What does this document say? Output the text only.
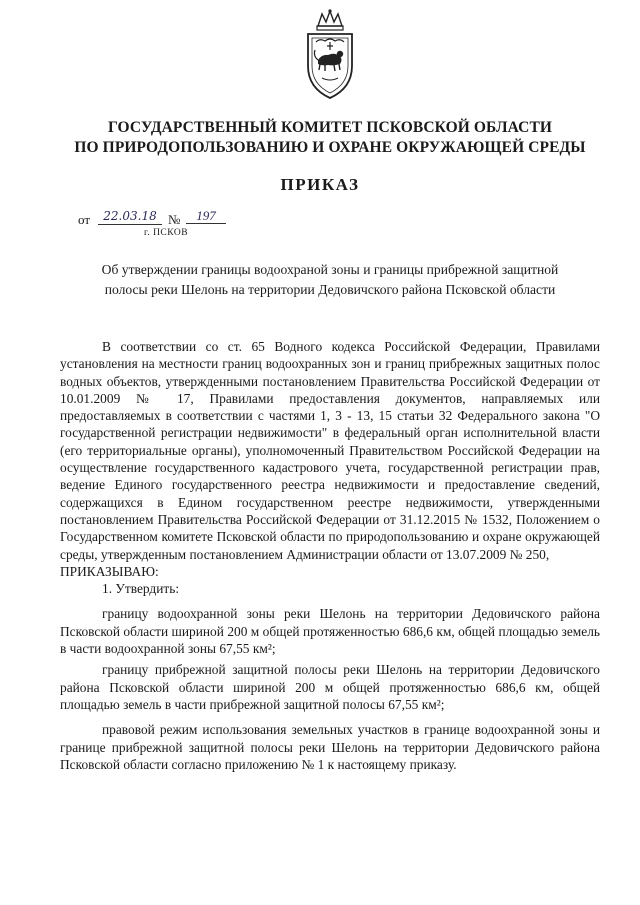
ГОСУДАРСТВЕННЫЙ КОМИТЕТ ПСКОВСКОЙ ОБЛАСТИ
ПО ПРИРОДОПОЛЬЗОВАНИЮ И ОХРАНЕ ОКРУЖАЮЩЕЙ СРЕДЫ
ПРИКАЗ
от	22.03.18 №	197
г. ПСКОВ
Об утверждении границы водоохраной зоны и границы прибрежной защитной
полосы реки Шелонь на территории Дедовичского района Псковской области

В соответствии со ст. 65 Водного кодекса Российской Федерации, Правилами установления на местности границ водоохранных зон и границ прибрежных защитных полос водных объектов, утвержденными постановлением Правительства Российской Федерации от 10.01.2009 № 17, Правилами предоставления документов, направляемых или предоставляемых в соответствии с частями 1, 3 - 13, 15 статьи 32 Федерального закона "О государственной регистрации недвижимости" в федеральный орган исполнительной власти (его территориальные органы), уполномоченный Правительством Российской Федерации на осуществление государственного кадастрового учета, государственной регистрации прав, ведение Единого государственного реестра недвижимости и предоставление сведений, содержащихся в Едином государственном реестре недвижимости, утвержденными постановлением Правительства Российской Федерации от 31.12.2015 № 1532, Положением о Государственном комитете Псковской области по природопользованию и охране окружающей среды, утвержденным постановлением Администрации области от 13.07.2009 № 250,

ПРИКАЗЫВАЮ:

1. Утвердить:

границу водоохранной зоны реки Шелонь на территории Дедовичского района Псковской области шириной 200 м общей протяженностью 686,6 км, общей площадью земель в части водоохранной зоны 67,55 км²;

границу прибрежной защитной полосы реки Шелонь на территории Дедовичского района Псковской области шириной 200 м общей протяженностью 686,6 км, общей площадью земель в части прибрежной защитной полосы 67,55 км²;

правовой режим использования земельных участков в границе водоохранной зоны и границе прибрежной защитной полосы реки Шелонь на территории Дедовичского района Псковской области согласно приложению № 1 к настоящему приказу.
